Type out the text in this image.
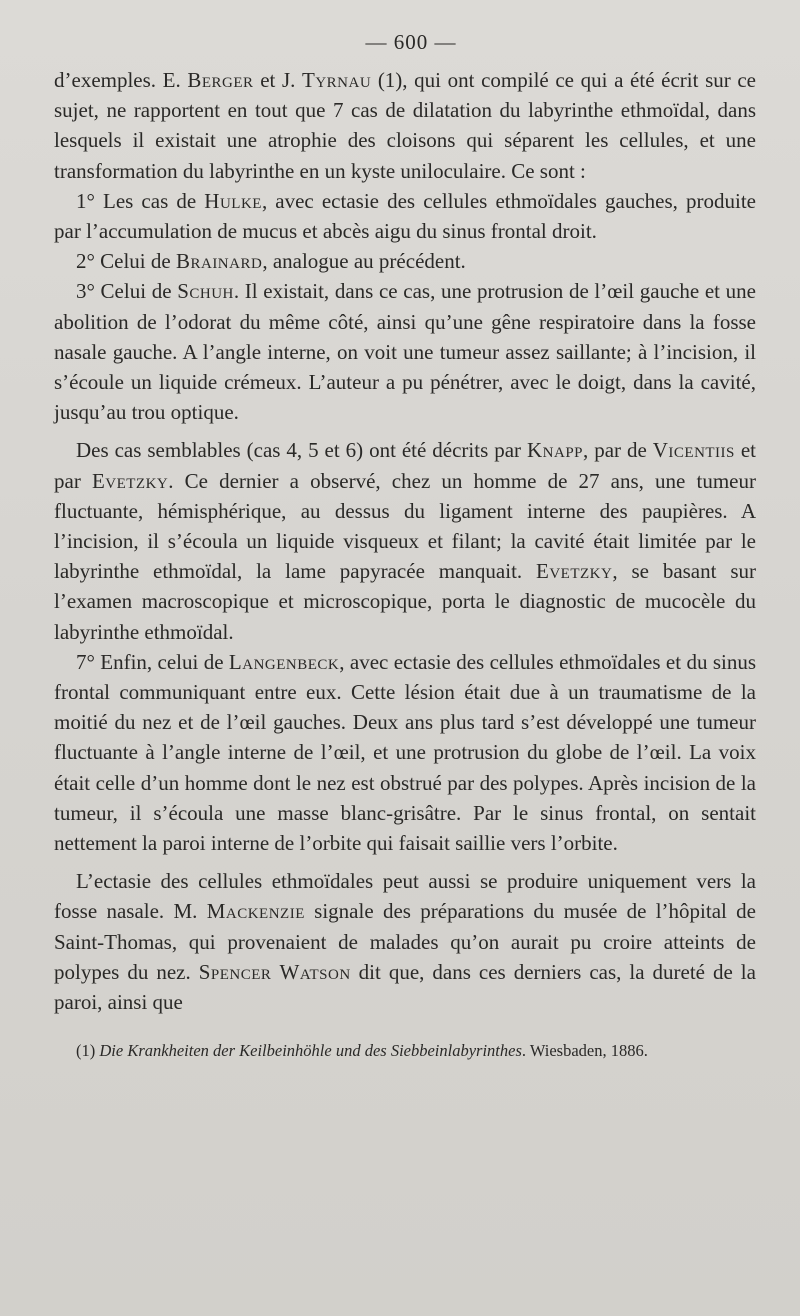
— 600 —

d’exemples. E. Berger et J. Tyrnau (1), qui ont compilé ce qui a été écrit sur ce sujet, ne rapportent en tout que 7 cas de dilatation du labyrinthe ethmoïdal, dans lesquels il existait une atrophie des cloisons qui séparent les cellules, et une transformation du labyrinthe en un kyste uniloculaire. Ce sont :

1° Les cas de Hulke, avec ectasie des cellules ethmoïdales gauches, produite par l’accumulation de mucus et abcès aigu du sinus frontal droit.

2° Celui de Brainard, analogue au précédent.

3° Celui de Schuh. Il existait, dans ce cas, une protrusion de l’œil gauche et une abolition de l’odorat du même côté, ainsi qu’une gêne respiratoire dans la fosse nasale gauche. A l’angle interne, on voit une tumeur assez saillante; à l’incision, il s’écoule un liquide crémeux. L’auteur a pu pénétrer, avec le doigt, dans la cavité, jusqu’au trou optique.

Des cas semblables (cas 4, 5 et 6) ont été décrits par Knapp, par de Vicentiis et par Evetzky. Ce dernier a observé, chez un homme de 27 ans, une tumeur fluctuante, hémisphérique, au dessus du ligament interne des paupières. A l’incision, il s’écoula un liquide visqueux et filant; la cavité était limitée par le labyrinthe ethmoïdal, la lame papyracée manquait. Evetzky, se basant sur l’examen macroscopique et microscopique, porta le diagnostic de mucocèle du labyrinthe ethmoïdal.

7° Enfin, celui de Langenbeck, avec ectasie des cellules ethmoïdales et du sinus frontal communiquant entre eux. Cette lésion était due à un traumatisme de la moitié du nez et de l’œil gauches. Deux ans plus tard s’est développé une tumeur fluctuante à l’angle interne de l’œil, et une protrusion du globe de l’œil. La voix était celle d’un homme dont le nez est obstrué par des polypes. Après incision de la tumeur, il s’écoula une masse blanc-grisâtre. Par le sinus frontal, on sentait nettement la paroi interne de l’orbite qui faisait saillie vers l’orbite.

L’ectasie des cellules ethmoïdales peut aussi se produire uniquement vers la fosse nasale. M. Mackenzie signale des préparations du musée de l’hôpital de Saint-Thomas, qui provenaient de malades qu’on aurait pu croire atteints de polypes du nez. Spencer Watson dit que, dans ces derniers cas, la dureté de la paroi, ainsi que

(1) Die Krankheiten der Keilbeinhöhle und des Siebbeinlabyrinthes. Wiesbaden, 1886.
